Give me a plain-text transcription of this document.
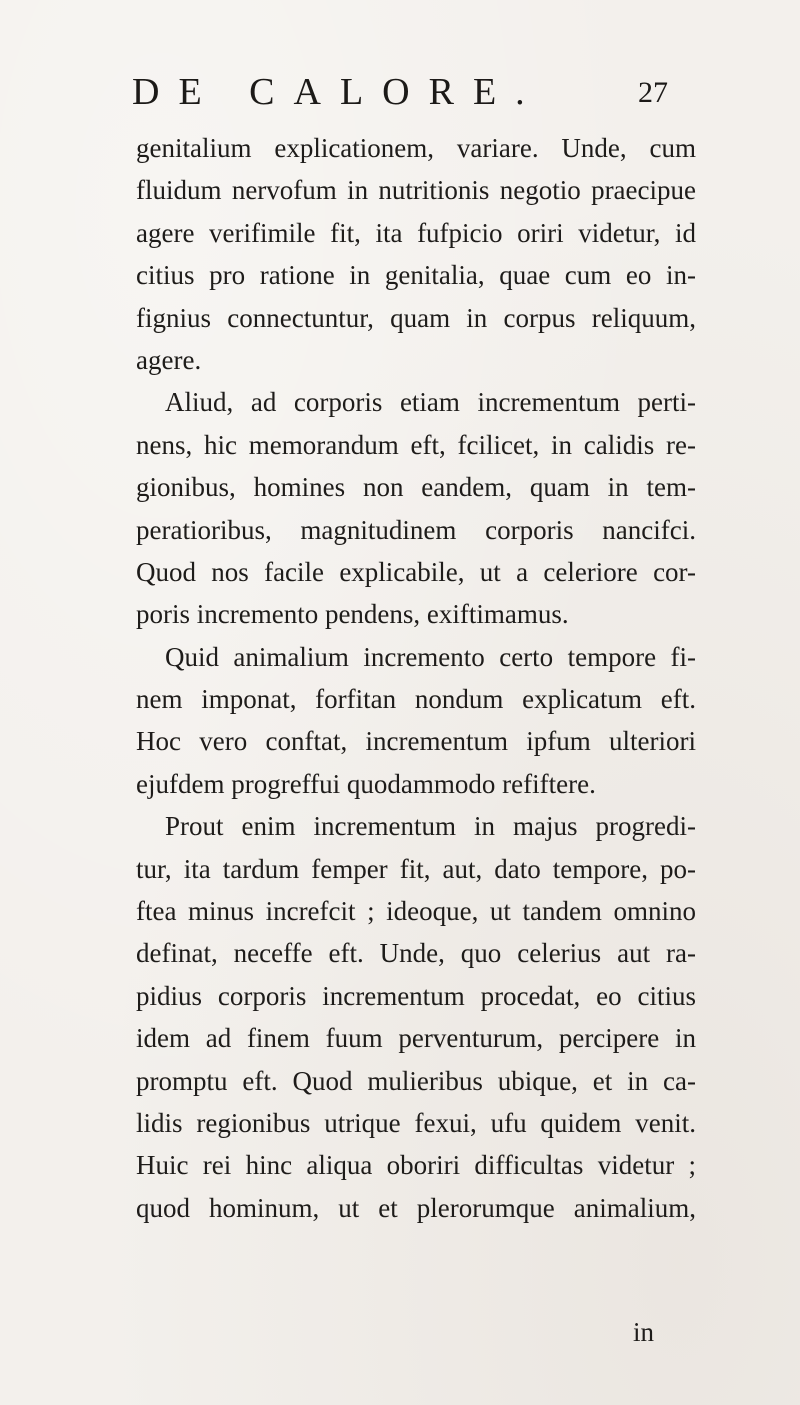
DE CALORE.	27
genitalium explicationem, variare. Unde, cum
fluidum nervofum in nutritionis negotio praecipue
agere verifimile fit, ita fufpicio oriri videtur, id
citius pro ratione in genitalia, quae cum eo in-
fignius connectuntur, quam in corpus reliquum,
agere.
Aliud, ad corporis etiam incrementum perti-
nens, hic memorandum eft, fcilicet, in calidis re-
gionibus, homines non eandem, quam in tem-
peratioribus, magnitudinem corporis nancifci.
Quod nos facile explicabile, ut a celeriore cor-
poris incremento pendens, exiftimamus.
Quid animalium incremento certo tempore fi-
nem imponat, forfitan nondum explicatum eft.
Hoc vero conftat, incrementum ipfum ulteriori
ejufdem progreffui quodammodo refiftere.
Prout enim incrementum in majus progredi-
tur, ita tardum femper fit, aut, dato tempore, po-
ftea minus increfcit ; ideoque, ut tandem omnino
definat, neceffe eft. Unde, quo celerius aut ra-
pidius corporis incrementum procedat, eo citius
idem ad finem fuum perventurum, percipere in
promptu eft. Quod mulieribus ubique, et in ca-
lidis regionibus utrique fexui, ufu quidem venit.
Huic rei hinc aliqua oboriri difficultas videtur ;
quod hominum, ut et plerorumque animalium,
in
